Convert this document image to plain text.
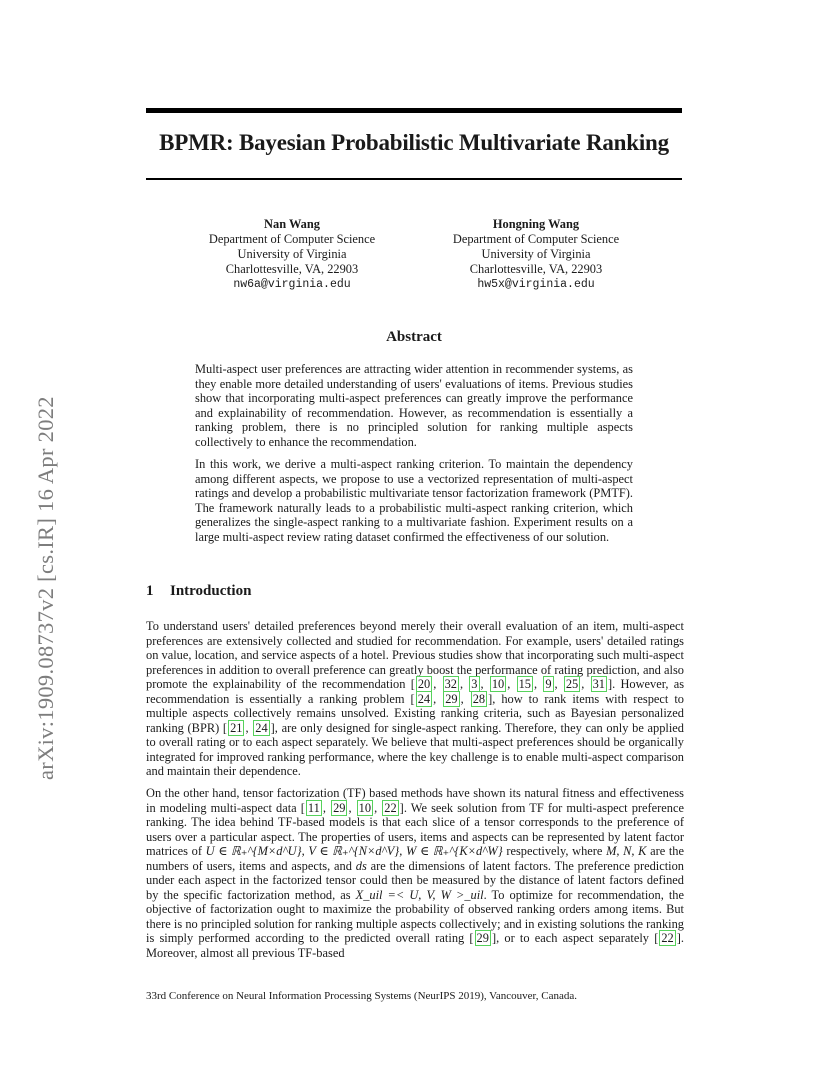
arXiv:1909.08737v2 [cs.IR] 16 Apr 2022
BPMR: Bayesian Probabilistic Multivariate Ranking
Nan Wang
Department of Computer Science
University of Virginia
Charlottesville, VA, 22903
nw6a@virginia.edu
Hongning Wang
Department of Computer Science
University of Virginia
Charlottesville, VA, 22903
hw5x@virginia.edu
Abstract
Multi-aspect user preferences are attracting wider attention in recommender systems, as they enable more detailed understanding of users' evaluations of items. Previous studies show that incorporating multi-aspect preferences can greatly improve the performance and explainability of recommendation. However, as recommendation is essentially a ranking problem, there is no principled solution for ranking multiple aspects collectively to enhance the recommendation.
In this work, we derive a multi-aspect ranking criterion. To maintain the dependency among different aspects, we propose to use a vectorized representation of multi-aspect ratings and develop a probabilistic multivariate tensor factorization framework (PMTF). The framework naturally leads to a probabilistic multi-aspect ranking criterion, which generalizes the single-aspect ranking to a multivariate fashion. Experiment results on a large multi-aspect review rating dataset confirmed the effectiveness of our solution.
1 Introduction
To understand users' detailed preferences beyond merely their overall evaluation of an item, multi-aspect preferences are extensively collected and studied for recommendation. For example, users' detailed ratings on value, location, and service aspects of a hotel. Previous studies show that incorporating such multi-aspect preferences in addition to overall preference can greatly boost the performance of rating prediction, and also promote the explainability of the recommendation [ 20 , 32 , 3 , 10 , 15 , 9 , 25 , 31 ]. However, as recommendation is essentially a ranking problem [ 24 , 29 , 28 ], how to rank items with respect to multiple aspects collectively remains unsolved. Existing ranking criteria, such as Bayesian personalized ranking (BPR) [ 21 , 24 ], are only designed for single-aspect ranking. Therefore, they can only be applied to overall rating or to each aspect separately. We believe that multi-aspect preferences should be organically integrated for improved ranking performance, where the key challenge is to enable multi-aspect comparison and maintain their dependence.
On the other hand, tensor factorization (TF) based methods have shown its natural fitness and effectiveness in modeling multi-aspect data [ 11 , 29 , 10 , 22 ]. We seek solution from TF for multi-aspect preference ranking. The idea behind TF-based models is that each slice of a tensor corresponds to the preference of users over a particular aspect. The properties of users, items and aspects can be represented by latent factor matrices of U ∈ ℝ₊^{M×d^U}, V ∈ ℝ₊^{N×d^V}, W ∈ ℝ₊^{K×d^W} respectively, where M, N, K are the numbers of users, items and aspects, and ds are the dimensions of latent factors. The preference prediction under each aspect in the factorized tensor could then be measured by the distance of latent factors defined by the specific factorization method, as X_uil =< U, V, W >_uil. To optimize for recommendation, the objective of factorization ought to maximize the probability of observed ranking orders among items. But there is no principled solution for ranking multiple aspects collectively; and in existing solutions the ranking is simply performed according to the predicted overall rating [ 29 ], or to each aspect separately [ 22 ]. Moreover, almost all previous TF-based
33rd Conference on Neural Information Processing Systems (NeurIPS 2019), Vancouver, Canada.
